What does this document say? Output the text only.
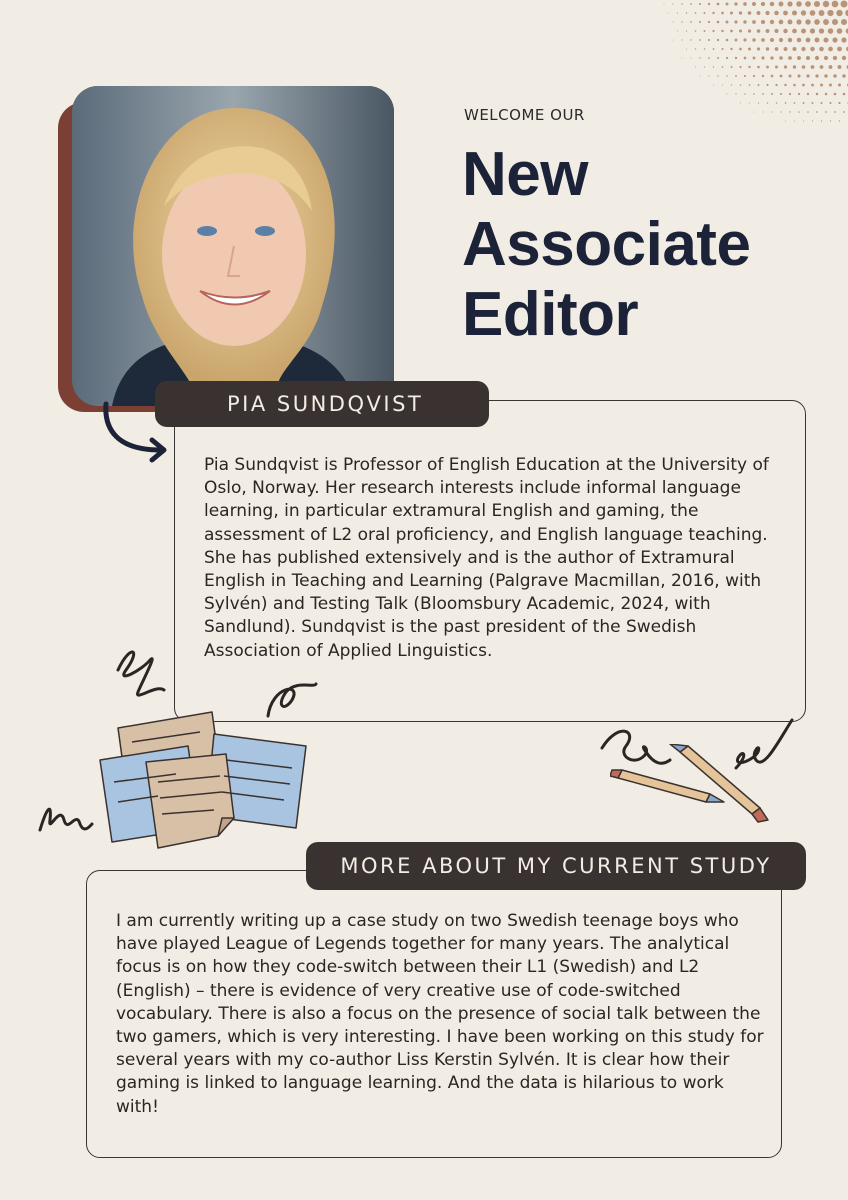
WELCOME OUR
New
Associate
Editor
PIA SUNDQVIST
Pia Sundqvist is Professor of English Education at the University of Oslo, Norway. Her research interests include informal language learning, in particular extramural English and gaming, the assessment of L2 oral proficiency, and English language teaching. She has published extensively and is the author of Extramural English in Teaching and Learning (Palgrave Macmillan, 2016, with Sylvén) and Testing Talk (Bloomsbury Academic, 2024, with Sandlund). Sundqvist is the past president of the Swedish Association of Applied Linguistics.
MORE ABOUT MY CURRENT STUDY
I am currently writing up a case study on two Swedish teenage boys who have played League of Legends together for many years. The analytical focus is on how they code-switch between their L1 (Swedish) and L2 (English) – there is evidence of very creative use of code-switched vocabulary. There is also a focus on the presence of social talk between the two gamers, which is very interesting. I have been working on this study for several years with my co-author Liss Kerstin Sylvén. It is clear how their gaming is linked to language learning. And the data is hilarious to work with!
